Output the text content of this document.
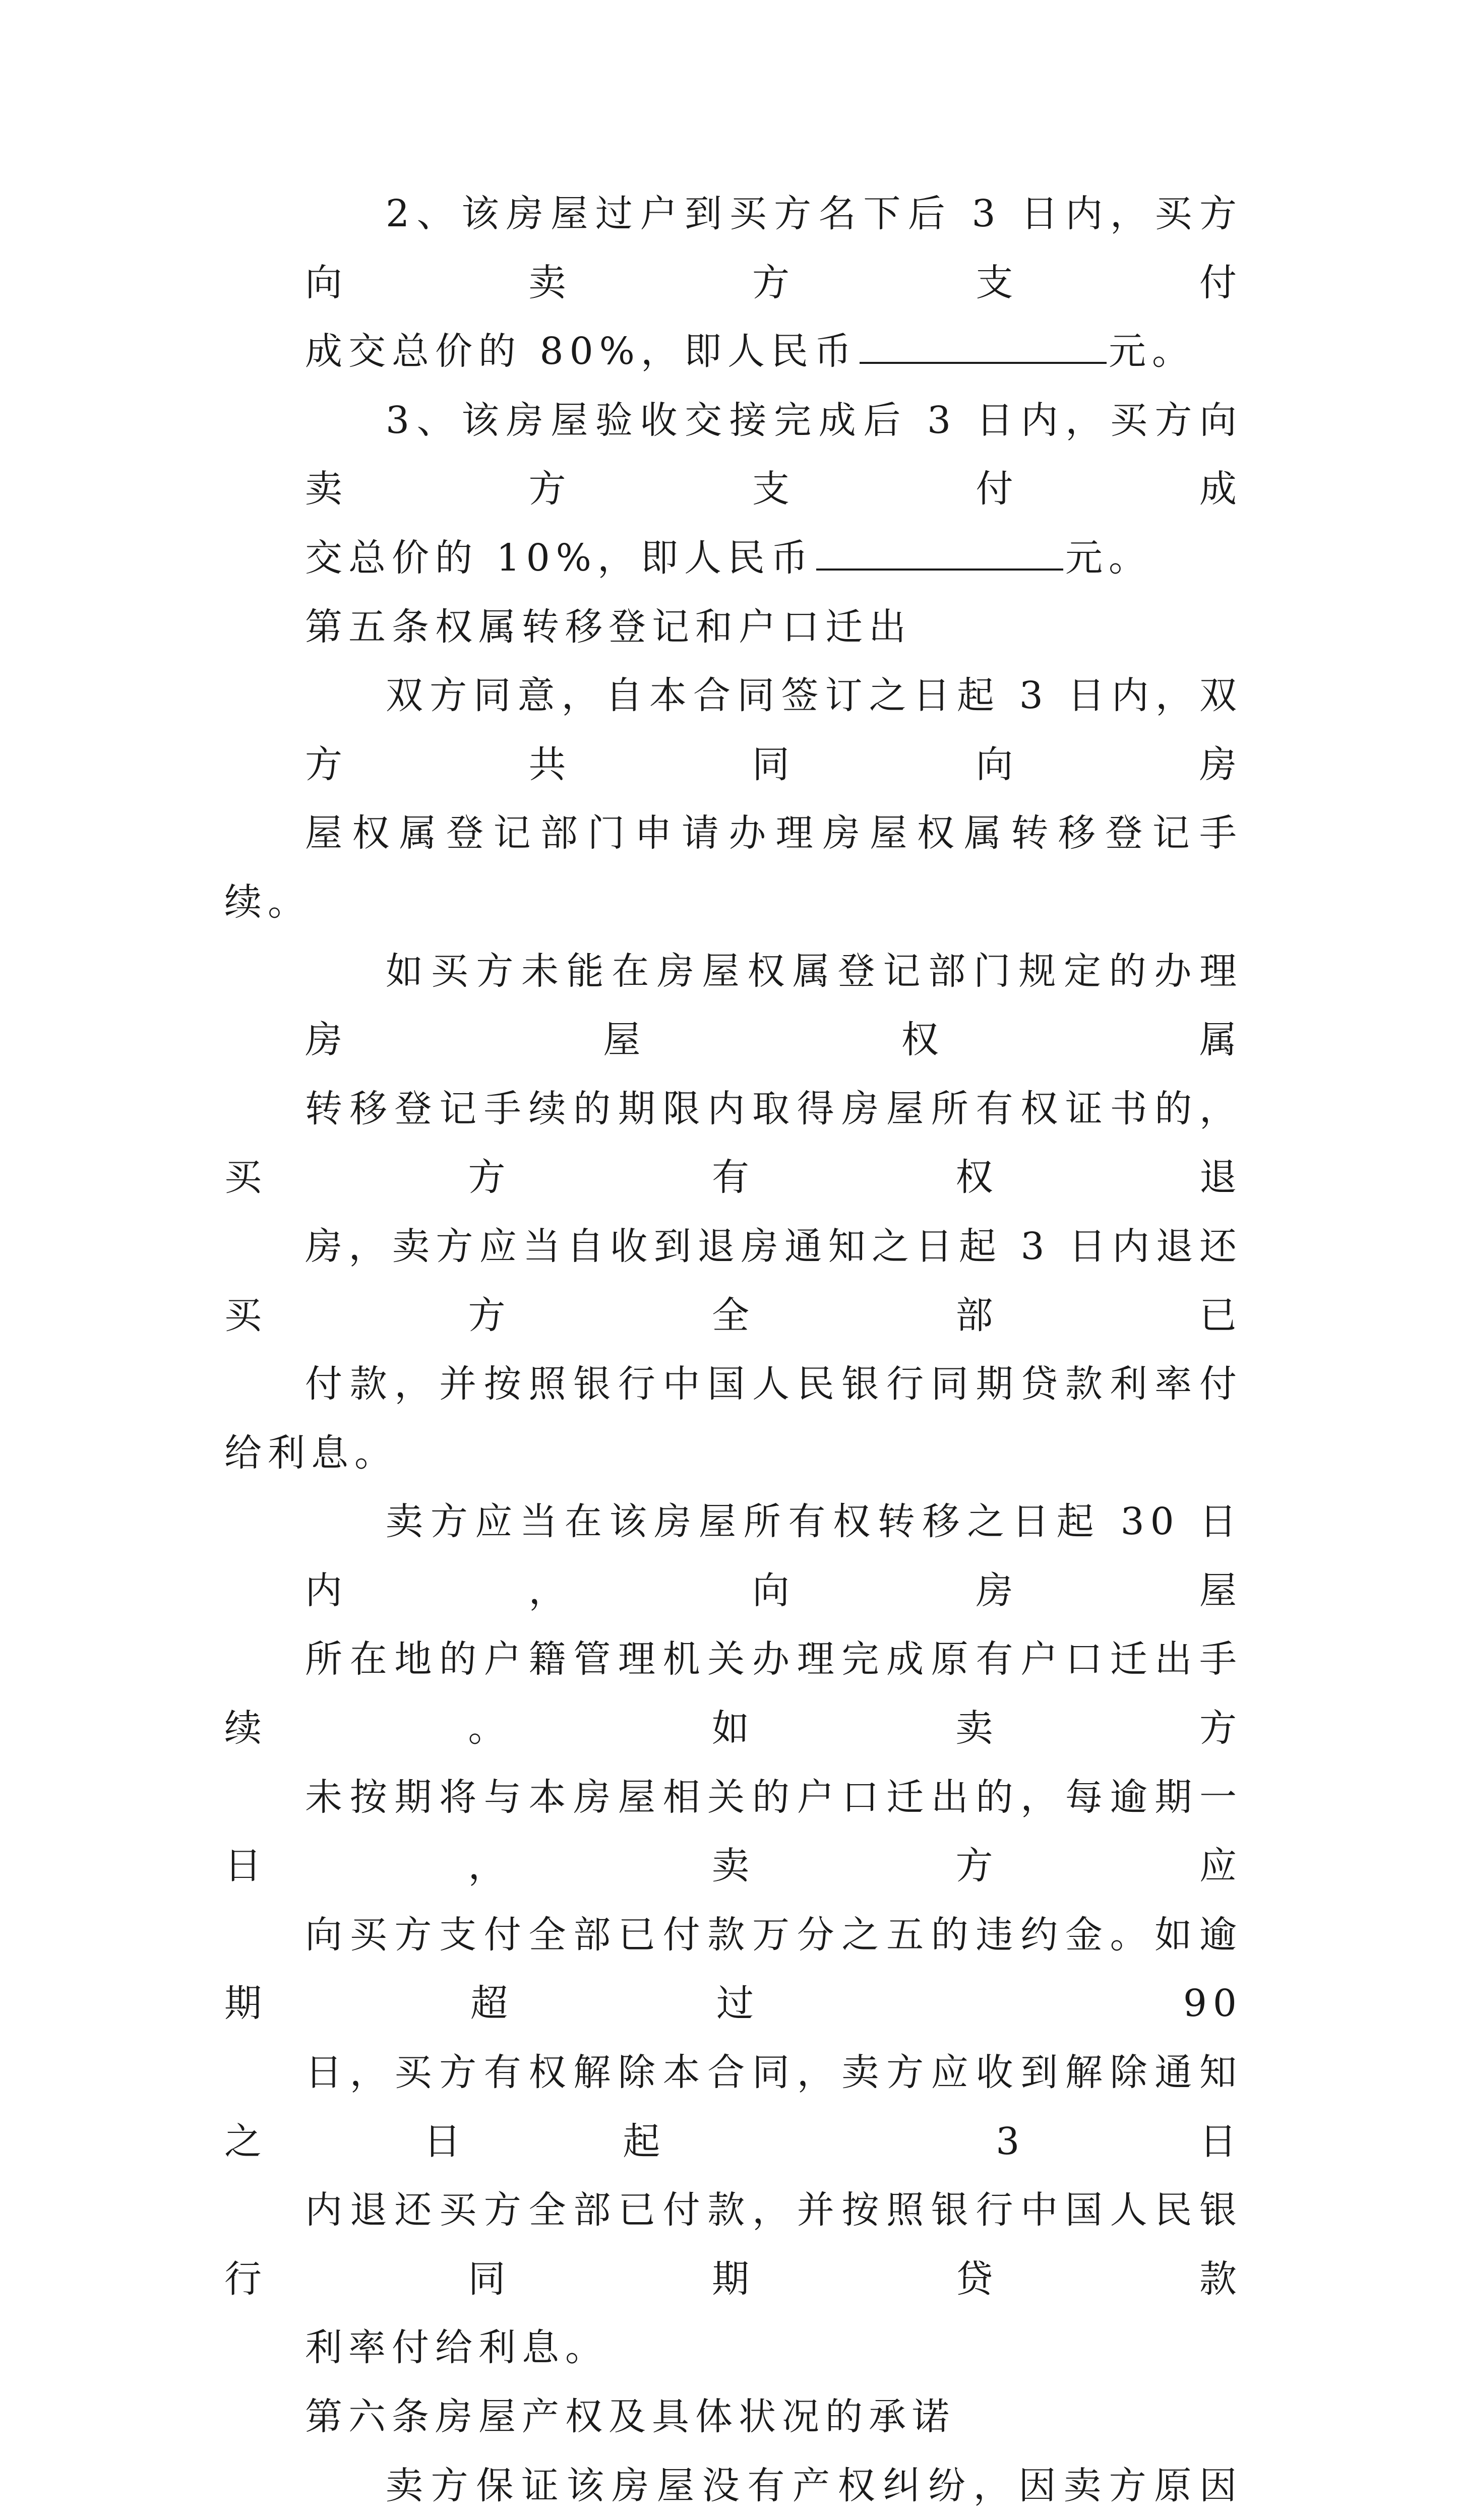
2、该房屋过户到买方名下后 3 日内，买方向卖方支付
成交总价的 80%，即人民币	元。
3、该房屋验收交接完成后 3 日内，买方向卖方支付成
交总价的 10%，即人民币	元。
第五条权属转移登记和户口迁出
双方同意，自本合同签订之日起 3 日内，双方共同向房
屋权属登记部门申请办理房屋权属转移登记手续。
如买方未能在房屋权属登记部门规定的办理房屋权属
转移登记手续的期限内取得房屋所有权证书的，买方有权退
房，卖方应当自收到退房通知之日起 3 日内退还买方全部已
付款，并按照银行中国人民银行同期贷款利率付给利息。
卖方应当在该房屋所有权转移之日起 30 日内，向房屋
所在地的户籍管理机关办理完成原有户口迁出手续。如卖方
未按期将与本房屋相关的户口迁出的，每逾期一日，卖方应
向买方支付全部已付款万分之五的违约金。如逾期超过 90
日，买方有权解除本合同，卖方应收到解除通知之日起 3 日
内退还买方全部已付款，并按照银行中国人民银行同期贷款
利率付给利息。
第六条房屋产权及具体状况的承诺
卖方保证该房屋没有产权纠纷，因卖方原因
